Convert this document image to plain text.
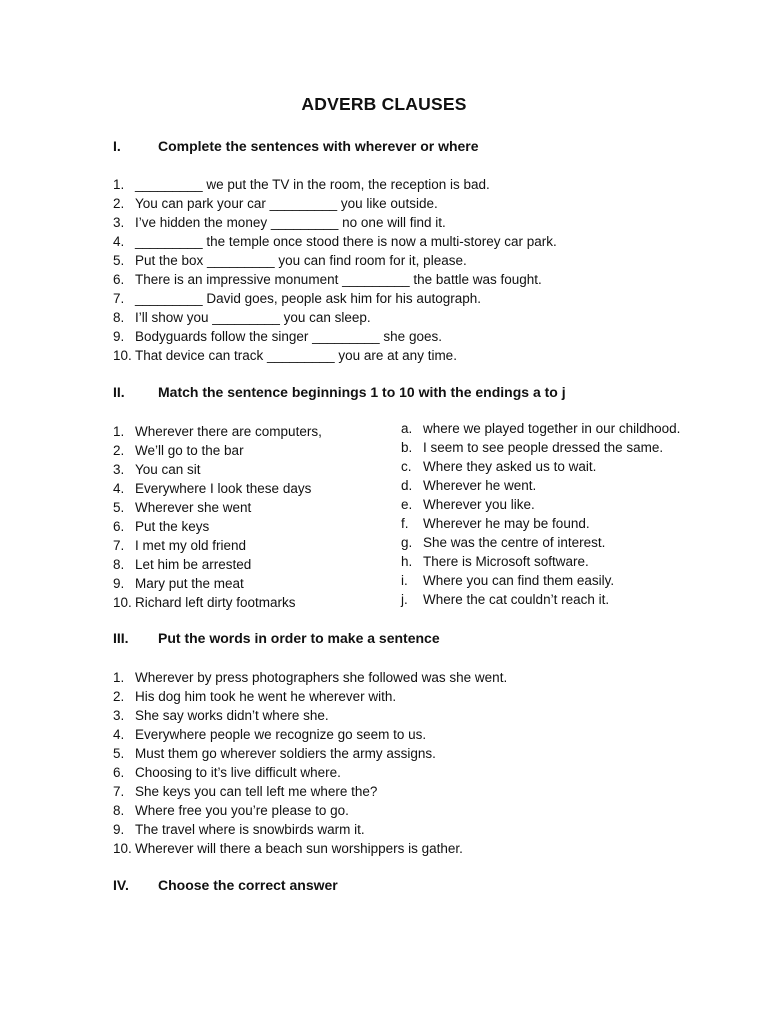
ADVERB CLAUSES
I.	Complete the sentences with wherever or where
1. _________ we put the TV in the room, the reception is bad.
2. You can park your car _________ you like outside.
3. I’ve hidden the money _________ no one will find it.
4. _________ the temple once stood there is now a multi-storey car park.
5. Put the box _________ you can find room for it, please.
6. There is an impressive monument _________ the battle was fought.
7. _________ David goes, people ask him for his autograph.
8. I’ll show you _________ you can sleep.
9. Bodyguards follow the singer _________ she goes.
10. That device can track _________ you are at any time.
II.	Match the sentence beginnings 1 to 10 with the endings a to j
1. Wherever there are computers,
2. We’ll go to the bar
3. You can sit
4. Everywhere I look these days
5. Wherever she went
6. Put the keys
7. I met my old friend
8. Let him be arrested
9. Mary put the meat
10. Richard left dirty footmarks
a. where we played together in our childhood.
b. I seem to see people dressed the same.
c. Where they asked us to wait.
d. Wherever he went.
e. Wherever you like.
f.	Wherever he may be found.
g. She was the centre of interest.
h. There is Microsoft software.
i.	Where you can find them easily.
j.	Where the cat couldn’t reach it.
III.	Put the words in order to make a sentence
1. Wherever by press photographers she followed was she went.
2. His dog him took he went he wherever with.
3. She say works didn’t where she.
4. Everywhere people we recognize go seem to us.
5. Must them go wherever soldiers the army assigns.
6. Choosing to it’s live difficult where.
7. She keys you can tell left me where the?
8. Where free you you’re please to go.
9. The travel where is snowbirds warm it.
10. Wherever will there a beach sun worshippers is gather.
IV.	Choose the correct answer
